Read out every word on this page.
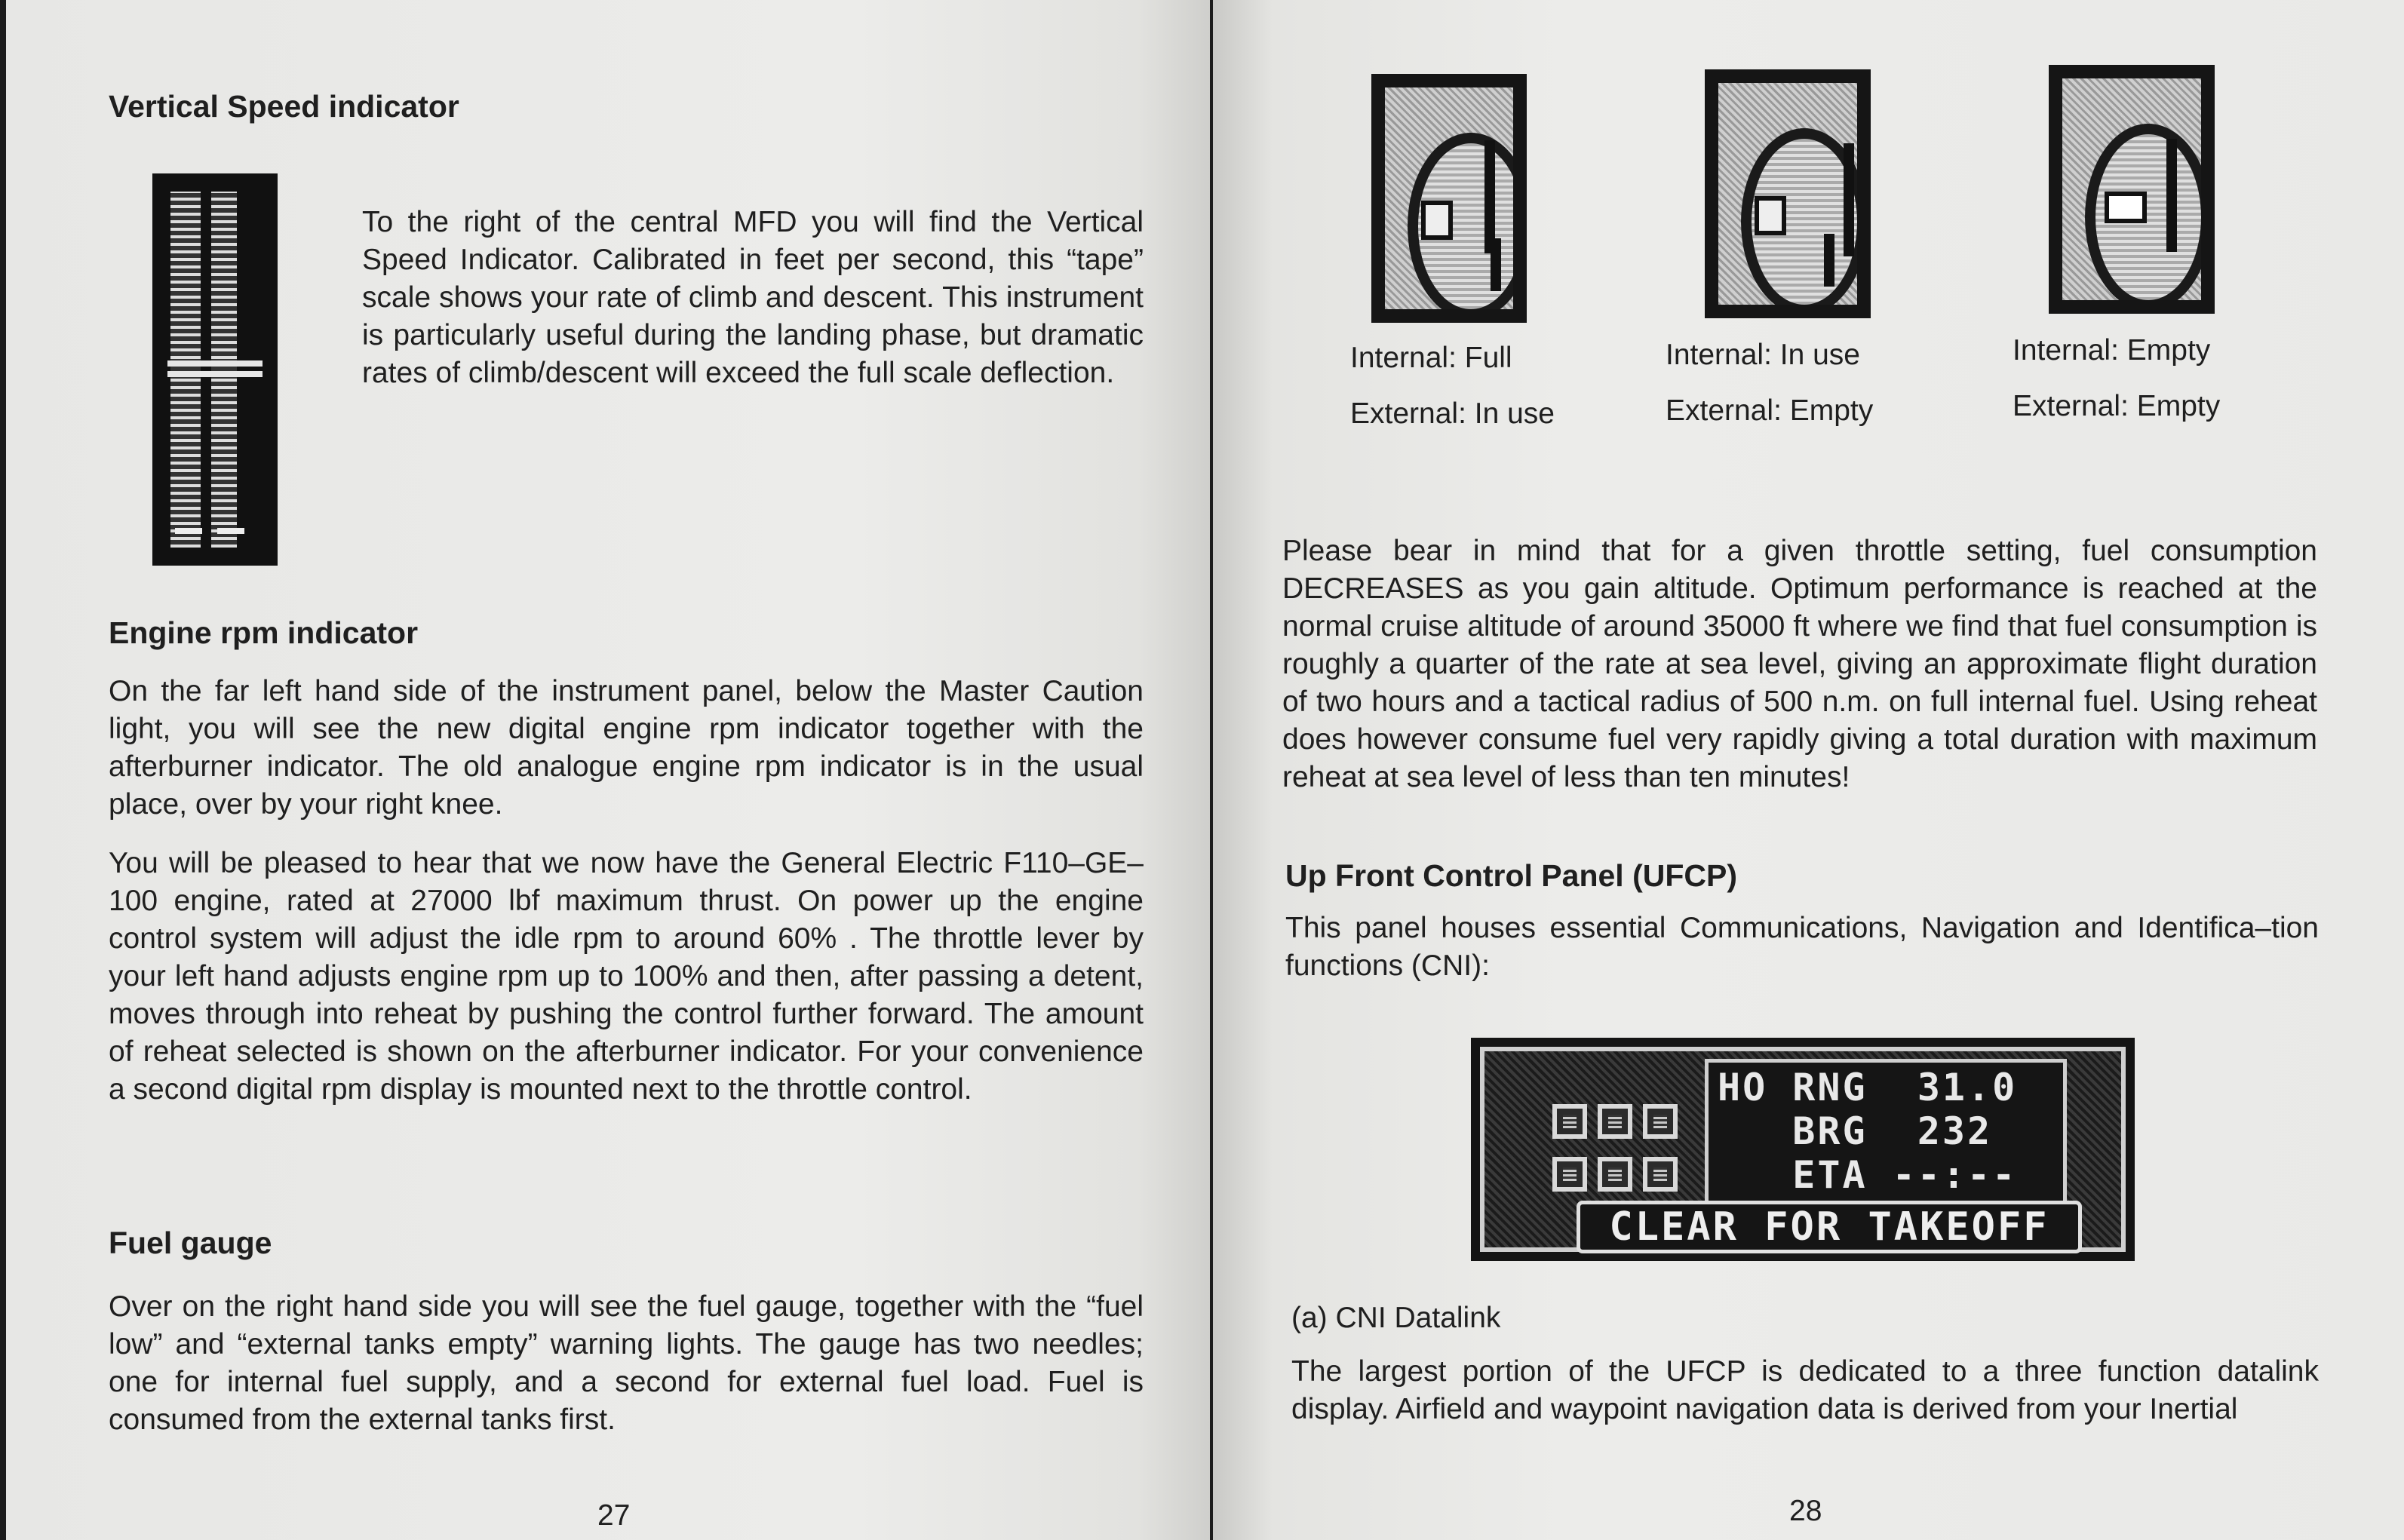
Vertical Speed indicator

To the right of the central MFD you will find the Vertical Speed Indicator. Calibrated in feet per second, this “tape” scale shows your rate of climb and descent. This instrument is particularly useful during the landing phase, but dramatic rates of climb/descent will exceed the full scale deflection.

Engine rpm indicator

On the far left hand side of the instrument panel, below the Master Caution light, you will see the new digital engine rpm indicator together with the afterburner indicator. The old analogue engine rpm indicator is in the usual place, over by your right knee.

You will be pleased to hear that we now have the General Electric F110–GE–100 engine, rated at 27000 lbf maximum thrust. On power up the engine control system will adjust the idle rpm to around 60% . The throttle lever by your left hand adjusts engine rpm up to 100% and then, after passing a detent, moves through into reheat by pushing the control further forward. The amount of reheat selected is shown on the afterburner indicator. For your convenience a second digital rpm display is mounted next to the throttle control.

Fuel gauge

Over on the right hand side you will see the fuel gauge, together with the “fuel low” and “external tanks empty” warning lights. The gauge has two needles; one for internal fuel supply, and a second for external fuel load. Fuel is consumed from the external tanks first.

27
Internal: Full
External: In use
Internal: In use
External: Empty
Internal: Empty
External: Empty

Please bear in mind that for a given throttle setting, fuel consumption DECREASES as you gain altitude. Optimum performance is reached at the normal cruise altitude of around 35000 ft where we find that fuel consumption is roughly a quarter of the rate at sea level, giving an approximate flight duration of two hours and a tactical radius of 500 n.m. on full internal fuel. Using reheat does however consume fuel very rapidly giving a total duration with maximum reheat at sea level of less than ten minutes!

Up Front Control Panel (UFCP)

This panel houses essential Communications, Navigation and Identifica–tion functions (CNI):

HO RNG  31.0
BRG  232
ETA --:--
CLEAR FOR TAKEOFF
(a) CNI Datalink

The largest portion of the UFCP is dedicated to a three function datalink display. Airfield and waypoint navigation data is derived from your Inertial

28
